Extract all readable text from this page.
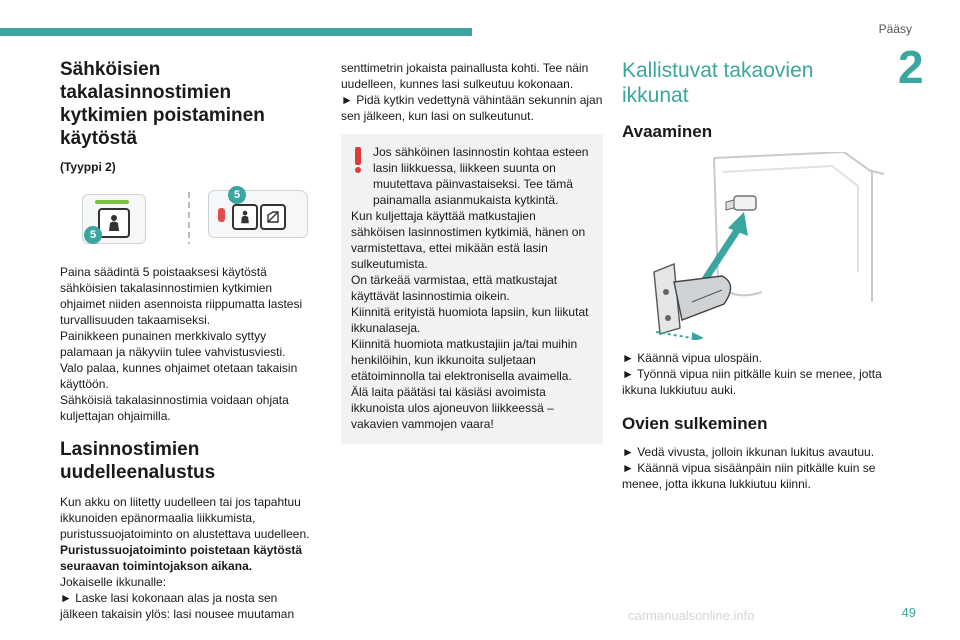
Pääsy
2
Sähköisien takalasinnostimien kytkimien poistaminen käytöstä
(Tyyppi 2)
5
5

Paina säädintä 5 poistaaksesi käytöstä sähköisien takalasinnostimien kytkimien ohjaimet niiden asennoista riippumatta lastesi turvallisuuden takaamiseksi.

Painikkeen punainen merkkivalo syttyy palamaan ja näkyviin tulee vahvistusviesti.

Valo palaa, kunnes ohjaimet otetaan takaisin käyttöön.

Sähköisiä takalasinnostimia voidaan ohjata kuljettajan ohjaimilla.

Lasinnostimien uudelleenalustus

Kun akku on liitetty uudelleen tai jos tapahtuu ikkunoiden epänormaalia liikkumista, puristussuojatoiminto on alustettava uudelleen.

Puristussuojatoiminto poistetaan käytöstä seuraavan toimintojakson aikana.

Jokaiselle ikkunalle:

► Laske lasi kokonaan alas ja nosta sen jälkeen takaisin ylös: lasi nousee muutaman

senttimetrin jokaista painallusta kohti. Tee näin uudelleen, kunnes lasi sulkeutuu kokonaan.

► Pidä kytkin vedettynä vähintään sekunnin ajan sen jälkeen, kun lasi on sulkeutunut.

Jos sähköinen lasinnostin kohtaa esteen lasin liikkuessa, liikkeen suunta on muutettava päinvastaiseksi. Tee tämä painamalla asianmukaista kytkintä.

Kun kuljettaja käyttää matkustajien sähköisen lasinnostimen kytkimiä, hänen on varmistettava, ettei mikään estä lasin sulkeutumista.

On tärkeää varmistaa, että matkustajat käyttävät lasinnostimia oikein.

Kiinnitä erityistä huomiota lapsiin, kun liikutat ikkunalaseja.

Kiinnitä huomiota matkustajiin ja/tai muihin henkilöihin, kun ikkunoita suljetaan etätoiminnolla tai elektronisella avaimella.

Älä laita päätäsi tai käsiäsi avoimista ikkunoista ulos ajoneuvon liikkeessä – vakavien vammojen vaara!

Kallistuvat takaovien ikkunat
Avaaminen

► Käännä vipua ulospäin.

► Työnnä vipua niin pitkälle kuin se menee, jotta ikkuna lukkiutuu auki.

Ovien sulkeminen

► Vedä vivusta, jolloin ikkunan lukitus avautuu.

► Käännä vipua sisäänpäin niin pitkälle kuin se menee, jotta ikkuna lukkiutuu kiinni.

carmanualsonline.info	49
